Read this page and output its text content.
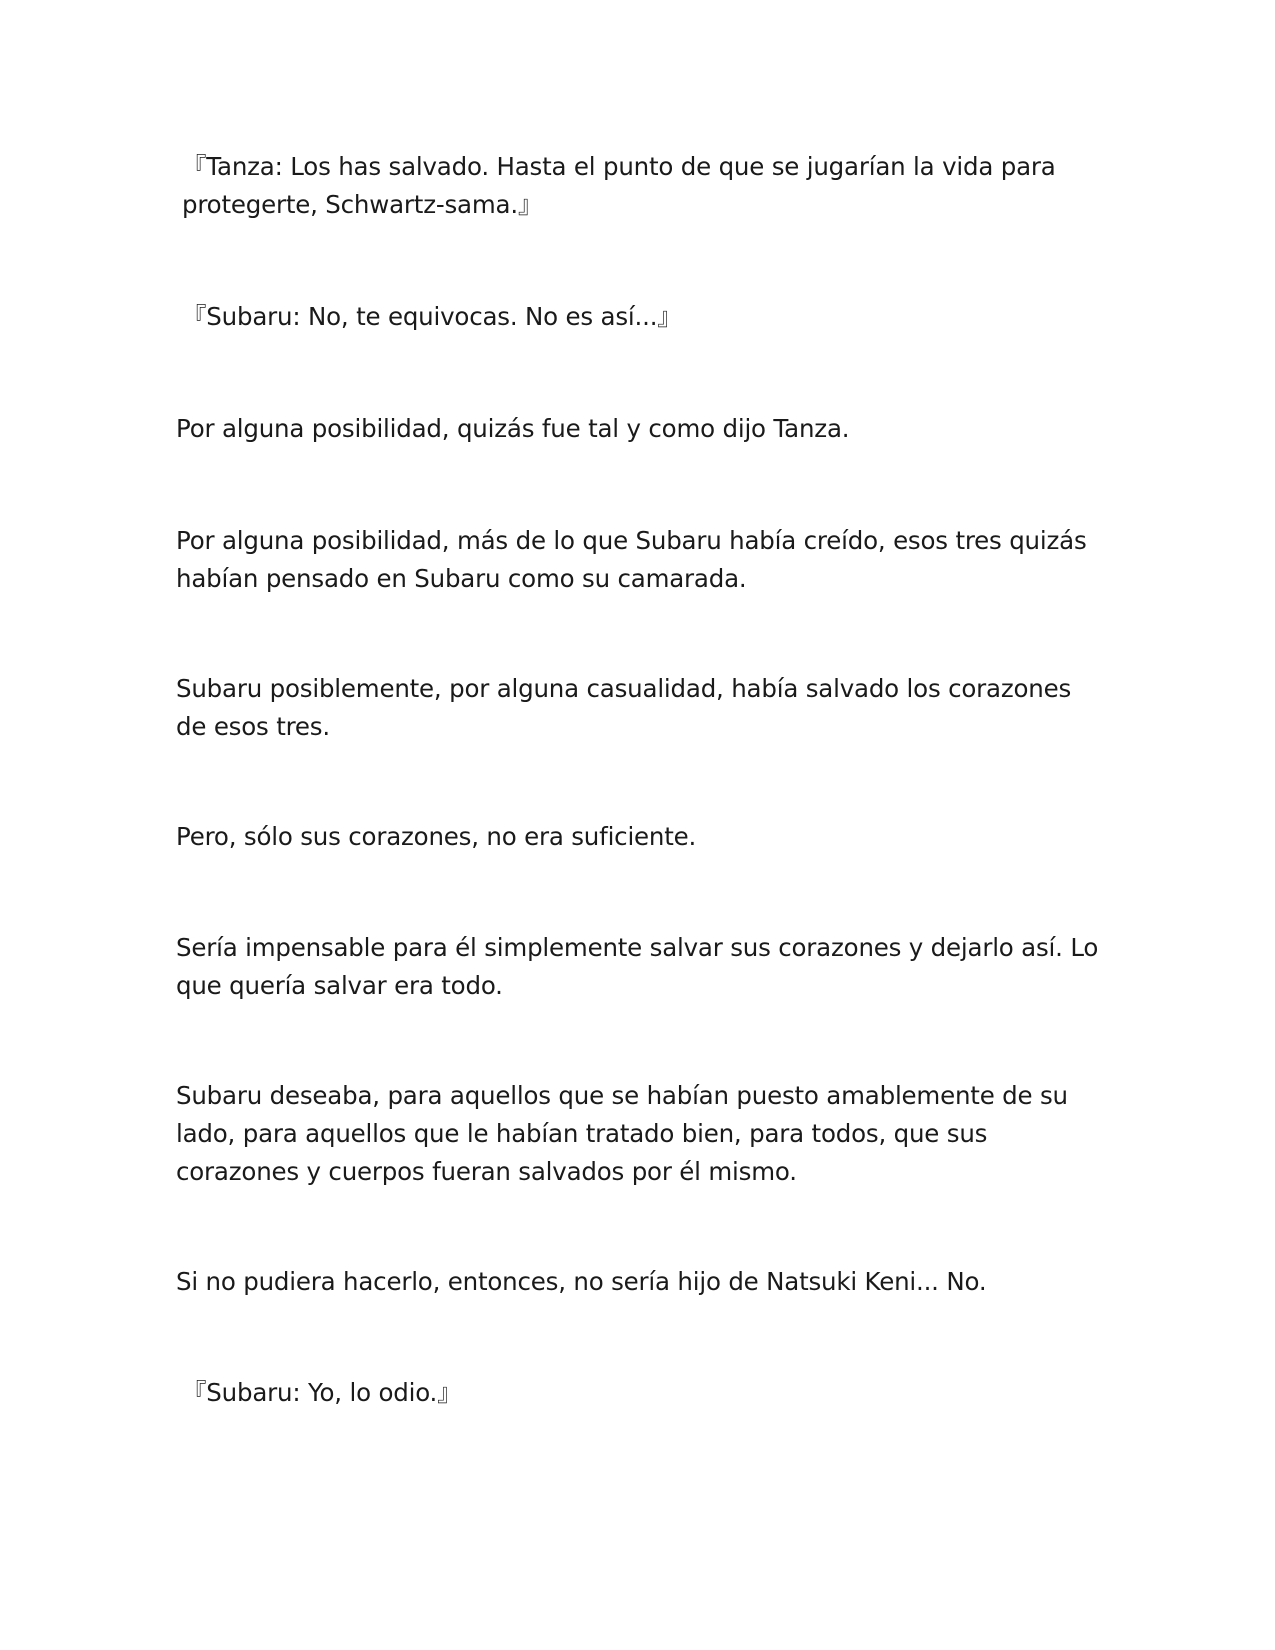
『Tanza: Los has salvado. Hasta el punto de que se jugarían la vida para protegerte, Schwartz-sama.』

『Subaru: No, te equivocas. No es así...』

Por alguna posibilidad, quizás fue tal y como dijo Tanza.

Por alguna posibilidad, más de lo que Subaru había creído, esos tres quizás habían pensado en Subaru como su camarada.

Subaru posiblemente, por alguna casualidad, había salvado los corazones de esos tres.

Pero, sólo sus corazones, no era suficiente.

Sería impensable para él simplemente salvar sus corazones y dejarlo así. Lo que quería salvar era todo.

Subaru deseaba, para aquellos que se habían puesto amablemente de su lado, para aquellos que le habían tratado bien, para todos, que sus corazones y cuerpos fueran salvados por él mismo.

Si no pudiera hacerlo, entonces, no sería hijo de Natsuki Keni... No.

『Subaru: Yo, lo odio.』
